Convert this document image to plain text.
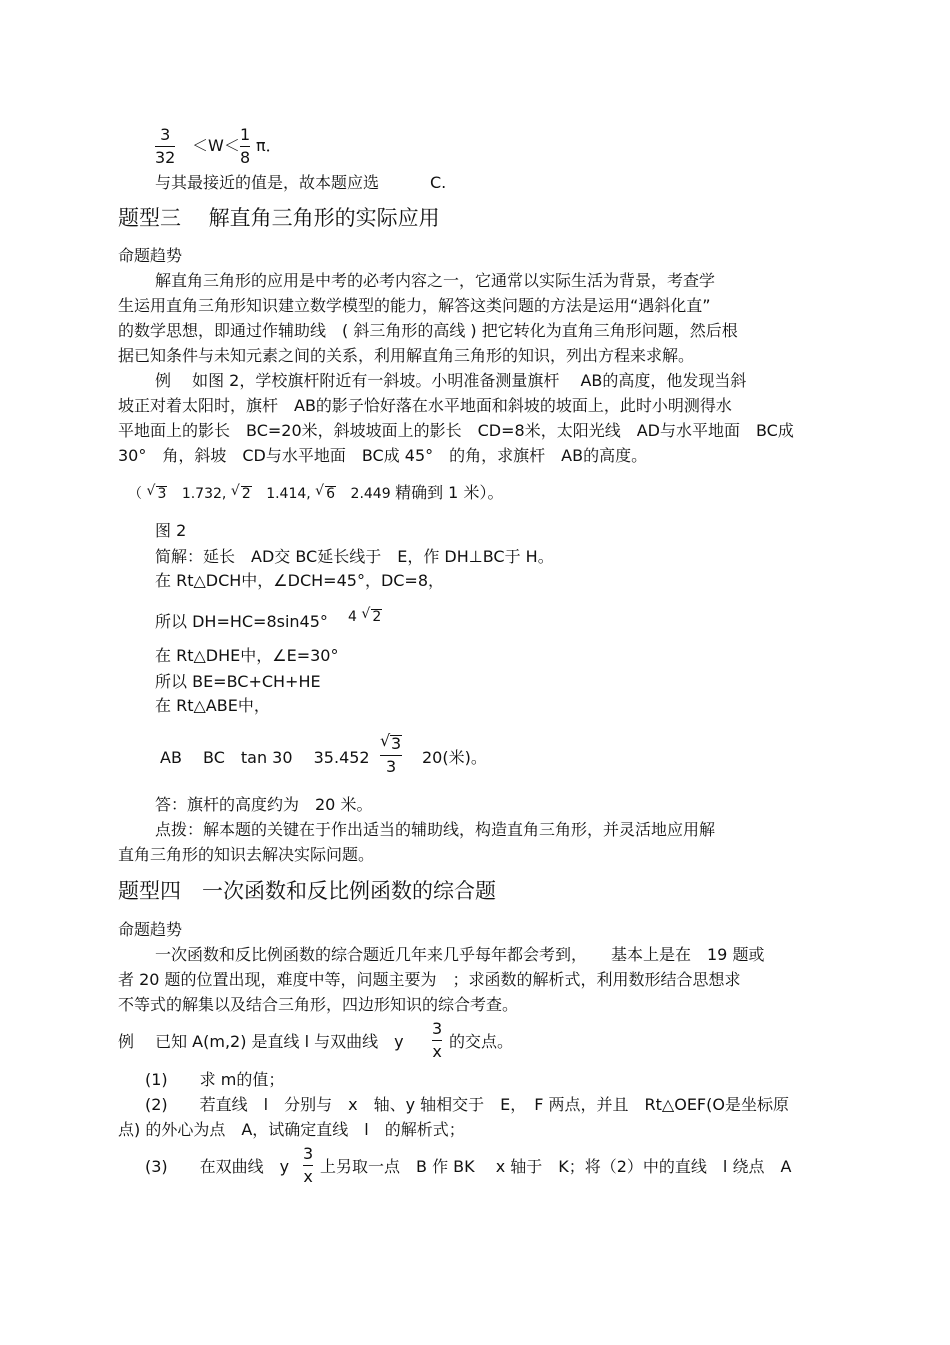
3
32
＜W＜
1
8
π．
与其最接近的值是，故本题应选	C.
题型三　 解直角三角形的实际应用
命题趋势
解直角三角形的应用是中考的必考内容之一，它通常以实际生活为背景，考查学
生运用直角三角形知识建立数学模型的能力，解答这类问题的方法是运用“遇斜化直”
的数学思想，即通过作辅助线　( 斜三角形的高线 ) 把它转化为直角三角形问题，然后根
据已知条件与未知元素之间的关系，利用解直角三角形的知识，列出方程来求解。
例　 如图 2，学校旗杆附近有一斜坡。小明准备测量旗杆　 AB的高度，他发现当斜
坡正对着太阳时，旗杆　AB的影子恰好落在水平地面和斜坡的坡面上，此时小明测得水
平地面上的影长　BC=20米，斜坡坡面上的影长　CD=8米，太阳光线　AD与水平地面　BC成
30°　角，斜坡　CD与水平地面　BC成 45°　的角，求旗杆　AB的高度。
（ √ 3 1.732, √ 2 1.414, √ 6 2.449 精确到 1 米）。
图 2
简解：延长　AD交 BC延长线于　E，作 DH⊥BC于 H。
在 Rt△DCH中，∠DCH=45°，DC=8，
所以 DH=HC=8sin45° 4 √ 2
在 Rt△DHE中，∠E=30°
所以 BE=BC+CH+HE
在 Rt△ABE中，
AB　 BC　tan 30　 35.452
√ 3
3	20(米)。
答：旗杆的高度约为　20 米。
点拨：解本题的关键在于作出适当的辅助线，构造直角三角形，并灵活地应用解
直角三角形的知识去解决实际问题。
题型四　一次函数和反比例函数的综合题
命题趋势
一次函数和反比例函数的综合题近几年来几乎每年都会考到，　　基本上是在　19 题或
者 20 题的位置出现，难度中等，问题主要为　；求函数的解析式，利用数形结合思想求
不等式的解集以及结合三角形，四边形知识的综合考查。
例　 已知 A(m,2) 是直线 l 与双曲线　y
3
x
的交点。
(1)　　求 m的值；
(2)　　若直线　l　分别与　x　轴、y 轴相交于　E，　F 两点，并且　Rt△OEF(O是坐标原
点) 的外心为点　A，试确定直线　l　的解析式；
(3)　　在双曲线　y
3
x
上另取一点　B 作 BK　 x 轴于　K；将（2）中的直线　l 绕点　A
